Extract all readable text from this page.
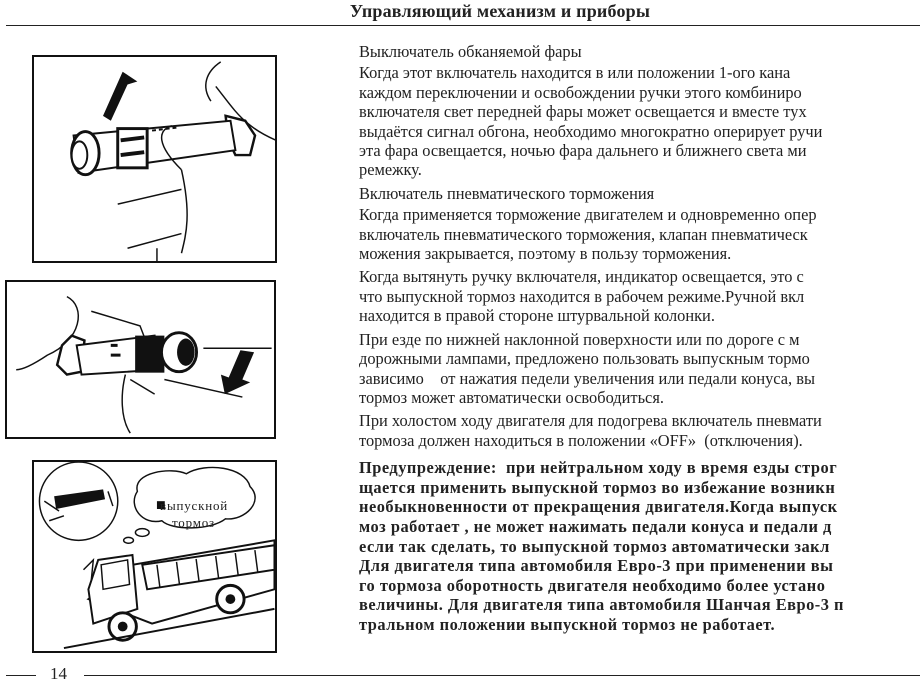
Управляющий механизм и приборы
выпускной
тормоз

Выключатель обканяемой фары

Когда этот включатель находится в или положении 1-ого кана

каждом переключении и освобождении ручки этого комбинирo

включателя свет передней фары может освещается и вместе тух

выдаётся сигнал обгона, необходимо многократно оперирует ручи

эта фара освещается, ночью фара дальнего и ближнего света ми

ремежку.

Включатель пневматического торможения

Когда применяется торможение двигателем и одновременно опер

включатель пневматического торможения, клапан пневматическ

можения закрывается, поэтому в пользу торможения.

Когда вытянуть ручку включателя, индикатор освещается, это с

что выпускной тормоз находится в рабочем режиме.Ручной вкл

находится в правой стороне штурвальной колонки.

При езде по нижней наклонной поверхности или по дороге с м

дорожными лампами, предложено пользовать выпускным тормо

зависимо    от нажатия педели увеличения или педали конуса, вы

тормоз может автоматически освободиться.

При холостом ходу двигателя для подогрева включатель пневмати

тормоза должен находиться в положении «OFF»  (отключения).

Предупреждение:  при нейтральном ходу в время езды строг

щается применить выпускной тормоз во избежание возникн

необыкновенности от прекращения двигателя.Когда выпуск

моз работает , не может нажимать педали конуса и педали д

если так сделать, то выпускной тормоз автоматически закл

Для двигателя типа автомобиля Евро-3 при применении вы

го тормоза оборотность двигателя необходимо более устано

величины. Для двигателя типа автомобиля Шанчая Евро-3 п

тральном положении выпускной тормоз не работает.

14
